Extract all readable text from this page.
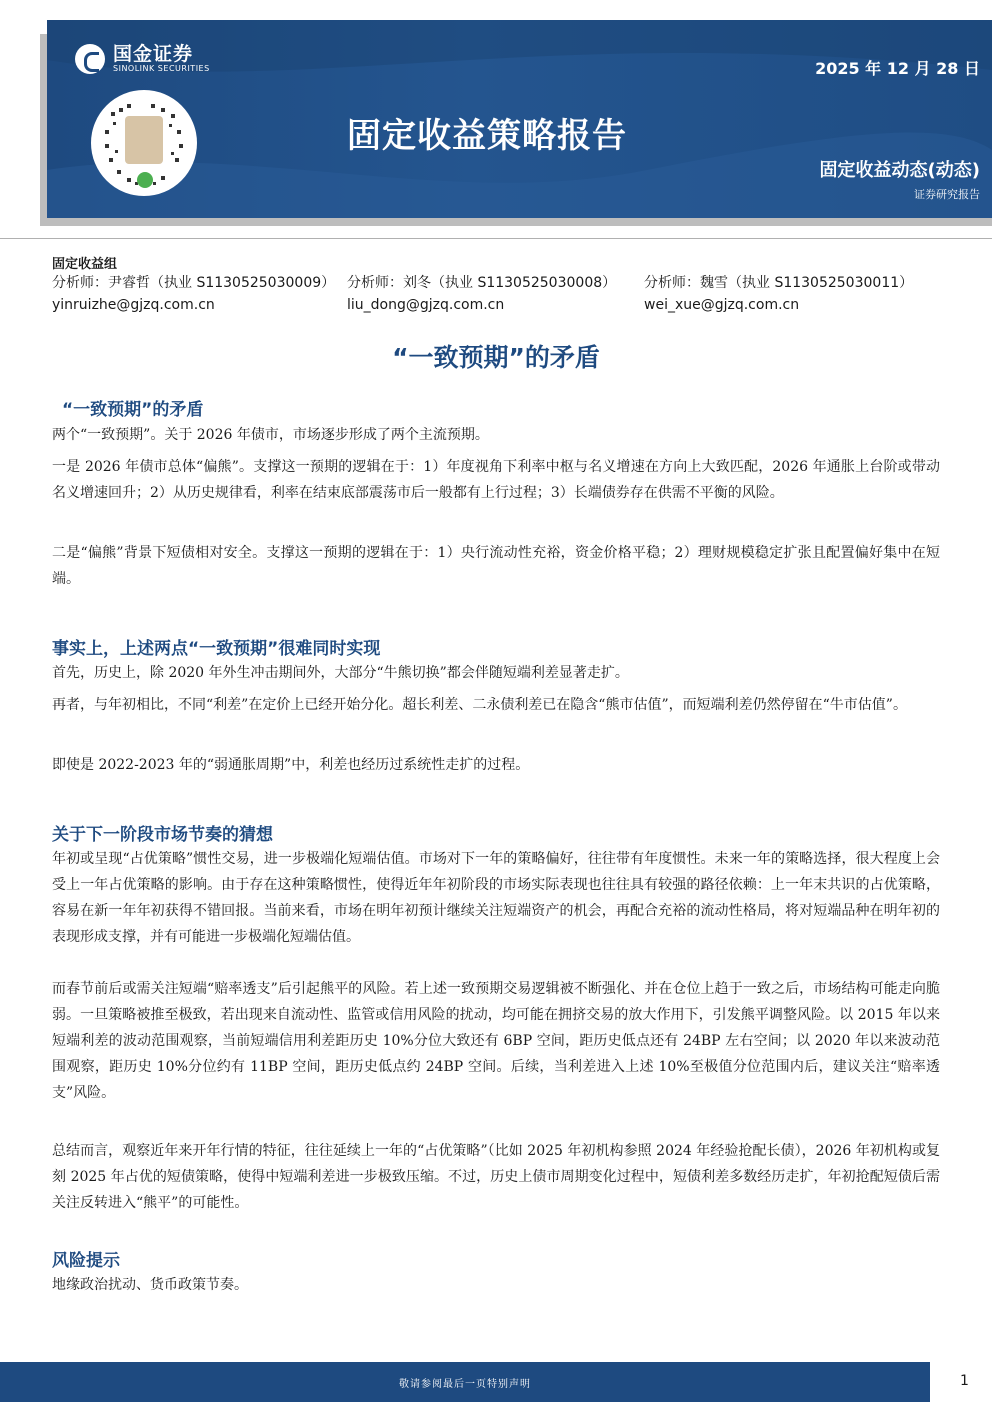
国金证券
SINOLINK SECURITIES	2025 年 12 月 28 日
固定收益策略报告
固定收益动态(动态)
证券研究报告
固定收益组
分析师：尹睿哲（执业 S1130525030009）
yinruizhe@gjzq.com.cn
分析师：刘冬（执业 S1130525030008）
liu_dong@gjzq.com.cn
分析师：魏雪（执业 S1130525030011）
wei_xue@gjzq.com.cn
“一致预期”的矛盾
“一致预期”的矛盾

两个“一致预期”。关于 2026 年债市，市场逐步形成了两个主流预期。

一是 2026 年债市总体“偏熊”。支撑这一预期的逻辑在于：1）年度视角下利率中枢与名义增速在方向上大致匹配，2026 年通胀上台阶或带动名义增速回升；2）从历史规律看，利率在结束底部震荡市后一般都有上行过程；3）长端债券存在供需不平衡的风险。

二是“偏熊”背景下短债相对安全。支撑这一预期的逻辑在于：1）央行流动性充裕，资金价格平稳；2）理财规模稳定扩张且配置偏好集中在短端。

事实上，上述两点“一致预期”很难同时实现

首先，历史上，除 2020 年外生冲击期间外，大部分“牛熊切换”都会伴随短端利差显著走扩。

再者，与年初相比，不同“利差”在定价上已经开始分化。超长利差、二永债利差已在隐含“熊市估值”，而短端利差仍然停留在“牛市估值”。

即使是 2022-2023 年的“弱通胀周期”中，利差也经历过系统性走扩的过程。

关于下一阶段市场节奏的猜想

年初或呈现“占优策略”惯性交易，进一步极端化短端估值。市场对下一年的策略偏好，往往带有年度惯性。未来一年的策略选择，很大程度上会受上一年占优策略的影响。由于存在这种策略惯性，使得近年年初阶段的市场实际表现也往往具有较强的路径依赖：上一年末共识的占优策略，容易在新一年年初获得不错回报。当前来看，市场在明年初预计继续关注短端资产的机会，再配合充裕的流动性格局，将对短端品种在明年初的表现形成支撑，并有可能进一步极端化短端估值。

而春节前后或需关注短端“赔率透支”后引起熊平的风险。若上述一致预期交易逻辑被不断强化、并在仓位上趋于一致之后，市场结构可能走向脆弱。一旦策略被推至极致，若出现来自流动性、监管或信用风险的扰动，均可能在拥挤交易的放大作用下，引发熊平调整风险。以 2015 年以来短端利差的波动范围观察，当前短端信用利差距历史 10%分位大致还有 6BP 空间，距历史低点还有 24BP 左右空间；以 2020 年以来波动范围观察，距历史 10%分位约有 11BP 空间，距历史低点约 24BP 空间。后续，当利差进入上述 10%至极值分位范围内后，建议关注“赔率透支”风险。

总结而言，观察近年来开年行情的特征，往往延续上一年的“占优策略”（比如 2025 年初机构参照 2024 年经验抢配长债），2026 年初机构或复刻 2025 年占优的短债策略，使得中短端利差进一步极致压缩。不过，历史上债市周期变化过程中，短债利差多数经历走扩，年初抢配短债后需关注反转进入“熊平”的可能性。

风险提示

地缘政治扰动、货币政策节奏。

敬请参阅最后一页特别声明	1
